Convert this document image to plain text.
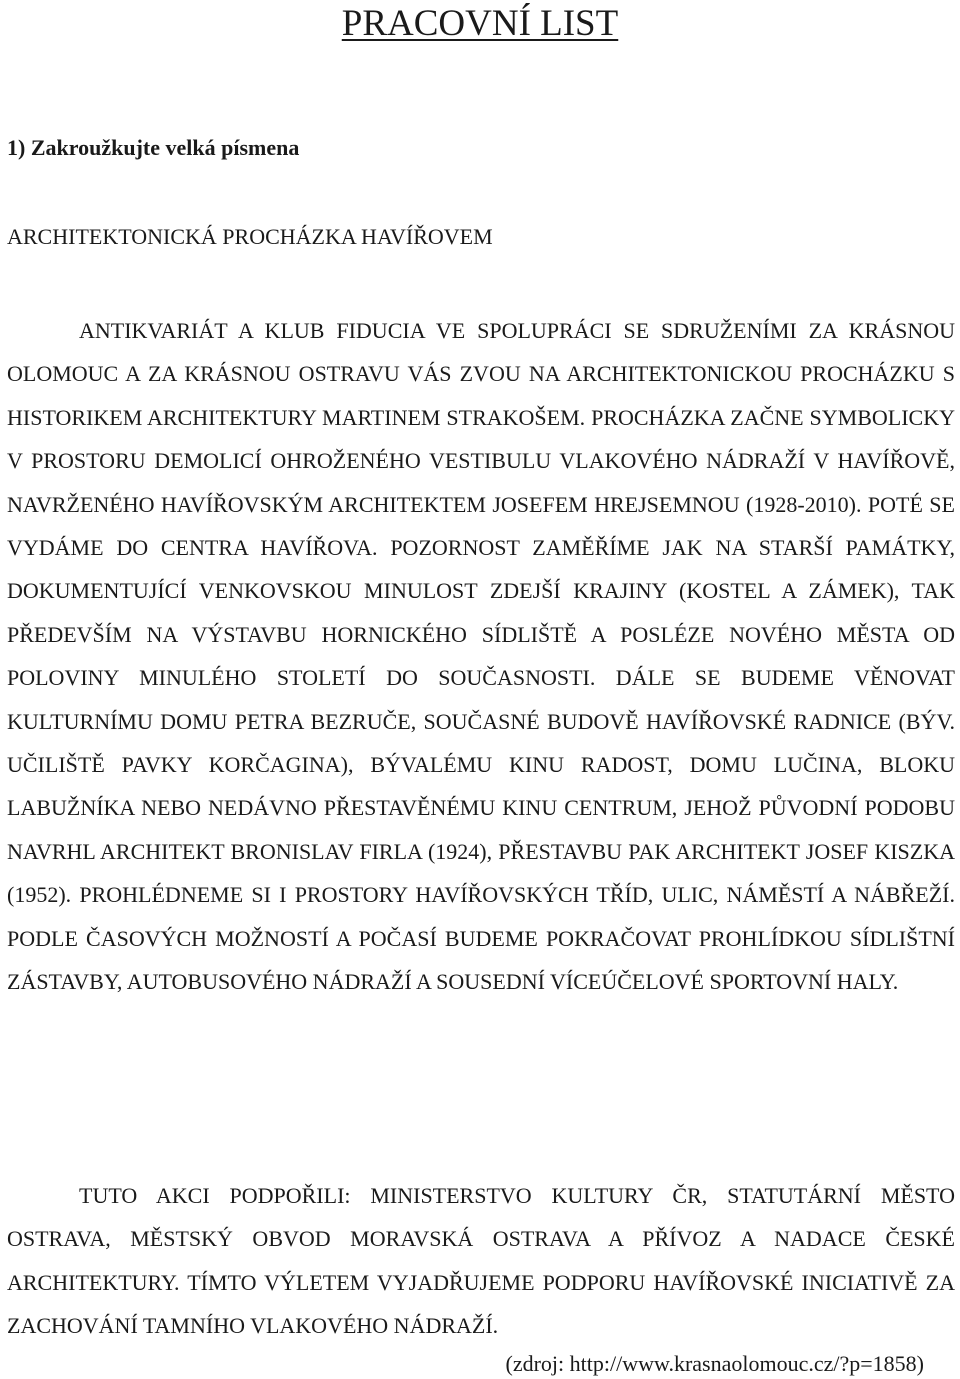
PRACOVNÍ LIST

1) Zakroužkujte velká písmena

ARCHITEKTONICKÁ PROCHÁZKA HAVÍŘOVEM

ANTIKVARIÁT A KLUB FIDUCIA VE SPOLUPRÁCI SE SDRUŽENÍMI ZA KRÁSNOU OLOMOUC A ZA KRÁSNOU OSTRAVU VÁS ZVOU NA ARCHITEKTONICKOU PROCHÁZKU S HISTORIKEM ARCHITEKTURY MARTINEM STRAKOŠEM. PROCHÁZKA ZAČNE SYMBOLICKY V PROSTORU DEMOLICÍ OHROŽENÉHO VESTIBULU VLAKOVÉHO NÁDRAŽÍ V HAVÍŘOVĚ, NAVRŽENÉHO HAVÍŘOVSKÝM ARCHITEKTEM JOSEFEM HREJSEMNOU (1928-2010). POTÉ SE VYDÁME DO CENTRA HAVÍŘOVA. POZORNOST ZAMĚŘÍME JAK NA STARŠÍ PAMÁTKY, DOKUMENTUJÍCÍ VENKOVSKOU MINULOST ZDEJŠÍ KRAJINY (KOSTEL A ZÁMEK), TAK PŘEDEVŠÍM NA VÝSTAVBU HORNICKÉHO SÍDLIŠTĚ A POSLÉZE NOVÉHO MĚSTA OD POLOVINY MINULÉHO STOLETÍ DO SOUČASNOSTI. DÁLE SE BUDEME VĚNOVAT KULTURNÍMU DOMU PETRA BEZRUČE, SOUČASNÉ BUDOVĚ HAVÍŘOVSKÉ RADNICE (BÝV. UČILIŠTĚ PAVKY KORČAGINA), BÝVALÉMU KINU RADOST, DOMU LUČINA, BLOKU LABUŽNÍKA NEBO NEDÁVNO PŘESTAVĚNÉMU KINU CENTRUM, JEHOŽ PŮVODNÍ PODOBU NAVRHL ARCHITEKT BRONISLAV FIRLA (1924), PŘESTAVBU PAK ARCHITEKT JOSEF KISZKA (1952). PROHLÉDNEME SI I PROSTORY HAVÍŘOVSKÝCH TŘÍD, ULIC, NÁMĚSTÍ A NÁBŘEŽÍ. PODLE ČASOVÝCH MOŽNOSTÍ A POČASÍ BUDEME POKRAČOVAT PROHLÍDKOU SÍDLIŠTNÍ ZÁSTAVBY, AUTOBUSOVÉHO NÁDRAŽÍ A SOUSEDNÍ VÍCEÚČELOVÉ SPORTOVNÍ HALY.

TUTO AKCI PODPOŘILI: MINISTERSTVO KULTURY ČR, STATUTÁRNÍ MĚSTO OSTRAVA, MĚSTSKÝ OBVOD MORAVSKÁ OSTRAVA A PŘÍVOZ A NADACE ČESKÉ ARCHITEKTURY. TÍMTO VÝLETEM VYJADŘUJEME PODPORU HAVÍŘOVSKÉ INICIATIVĚ ZA ZACHOVÁNÍ TAMNÍHO VLAKOVÉHO NÁDRAŽÍ.

(zdroj: http://www.krasnaolomouc.cz/?p=1858)
